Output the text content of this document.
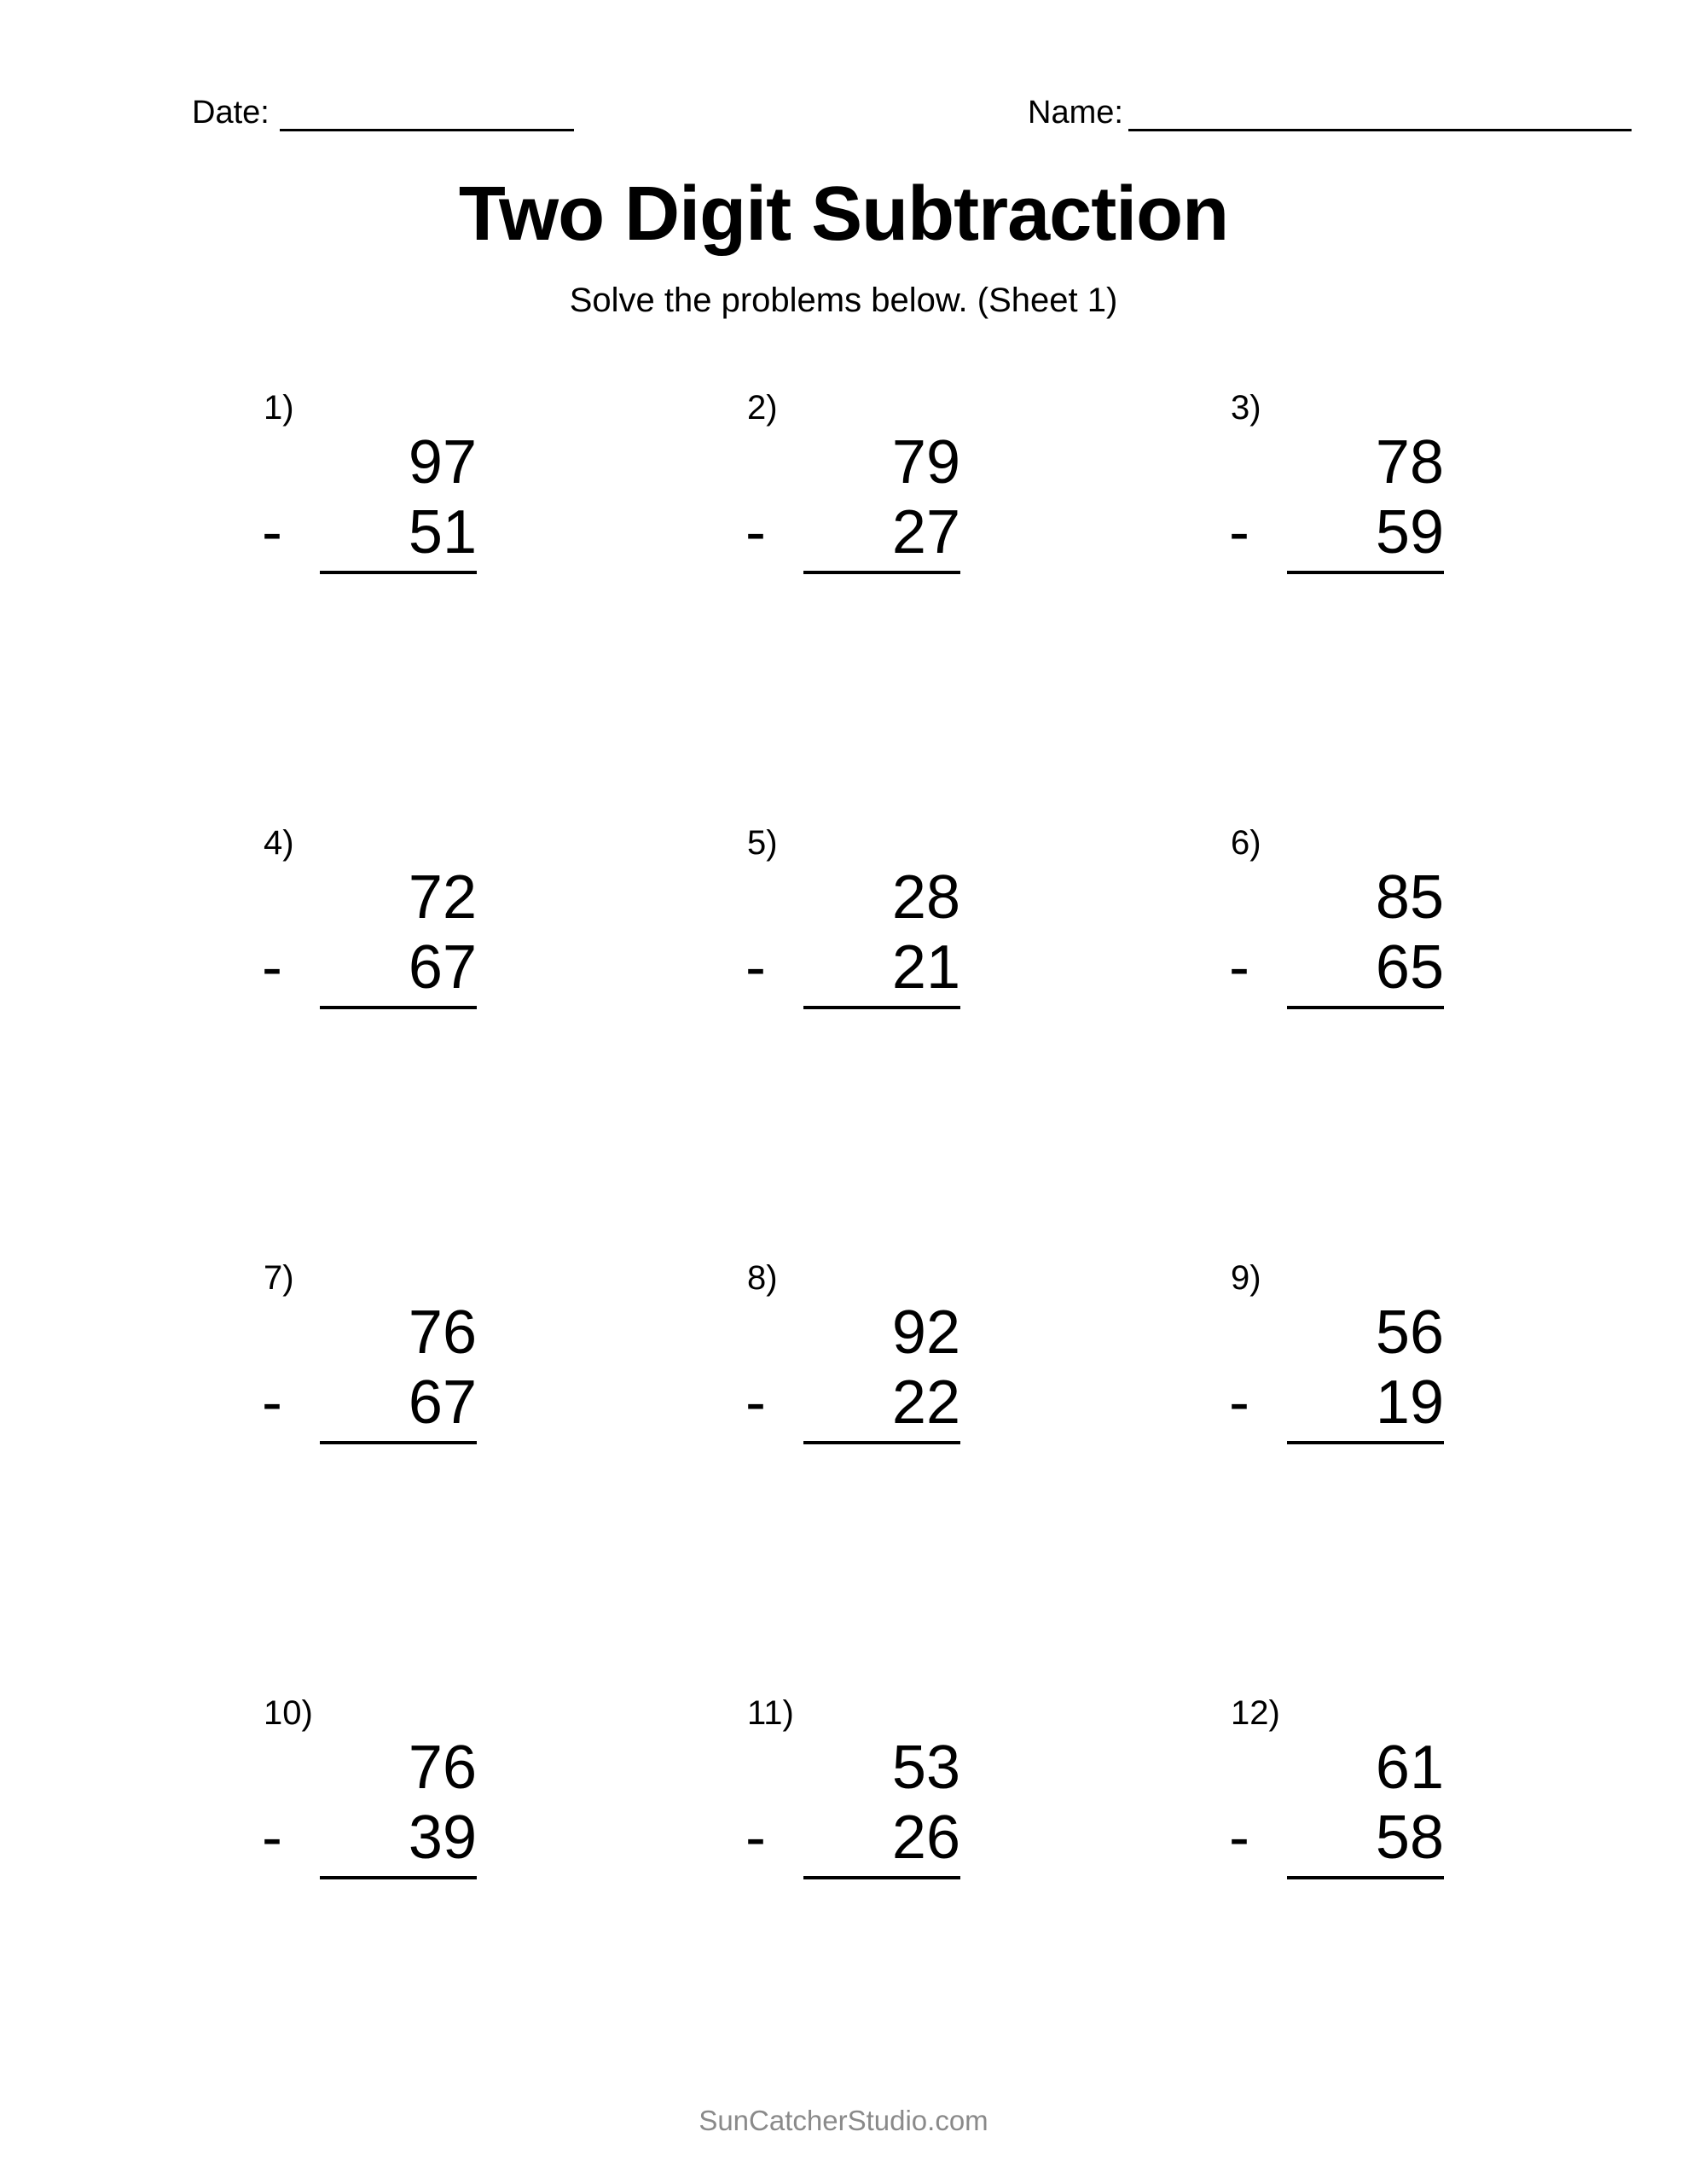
Date:	Name:
Two Digit Subtraction
Solve the problems below. (Sheet 1)
1)
97
- 51
2)
79
- 27
3)
78
- 59
4)
72
- 67
5)
28
- 21
6)
85
- 65
7)
76
- 67
8)
92
- 22
9)
56
- 19
10)
76
- 39
11)
53
- 26
12)
61
- 58
SunCatcherStudio.com
